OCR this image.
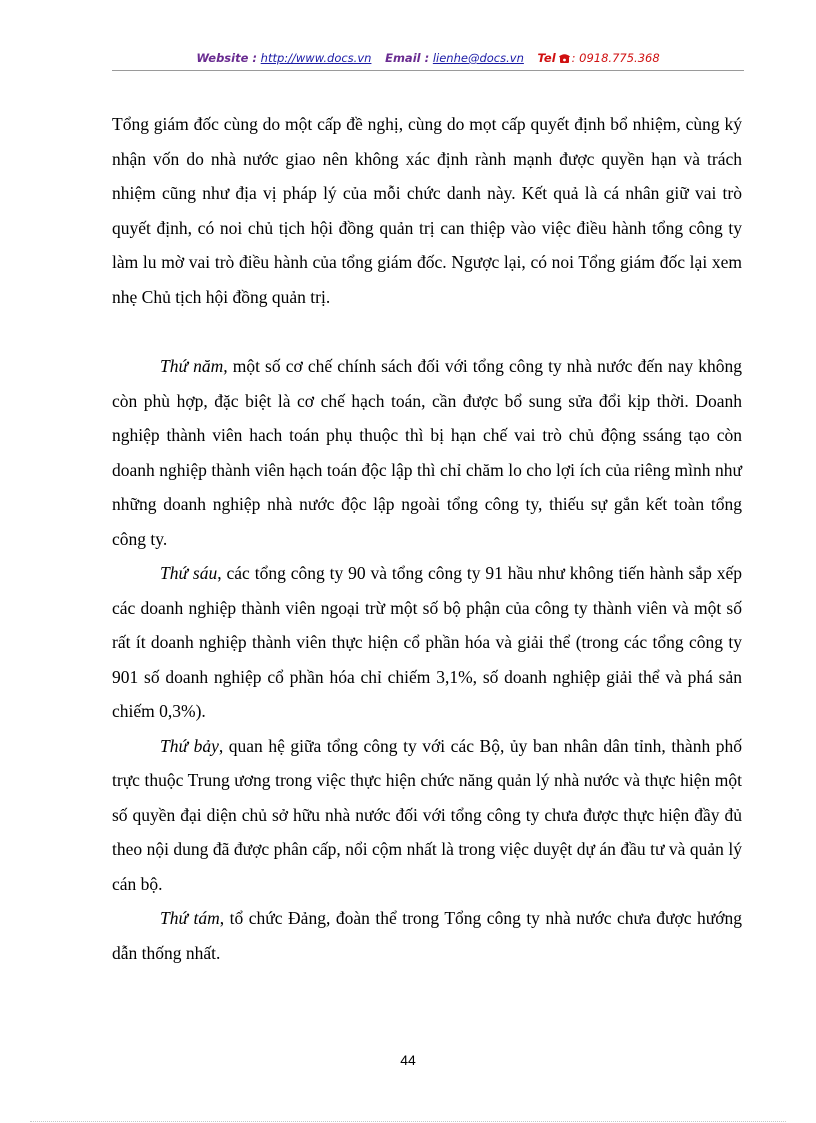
Website : http://www.docs.vn Email : lienhe@docs.vn Tel : 0918.775.368

Tổng giám đốc cùng do một cấp đề nghị, cùng do mọt cấp quyết định bổ nhiệm, cùng ký nhận vốn do nhà nước giao nên không xác định rành mạnh được quyền hạn và trách nhiệm cũng như địa vị pháp lý của mỗi chức danh này. Kết quả là cá nhân giữ vai trò quyết định, có noi chủ tịch hội đồng quản trị can thiệp vào việc điều hành tổng công ty làm lu mờ vai trò điều hành của tổng giám đốc. Ngược lại, có noi Tổng giám đốc lại xem nhẹ Chủ tịch hội đồng quản trị.

Thứ năm, một số cơ chế chính sách đối với tổng công ty nhà nước đến nay không còn phù hợp, đặc biệt là cơ chế hạch toán, cần được bổ sung sửa đổi kịp thời. Doanh nghiệp thành viên hach toán phụ thuộc thì bị hạn chế vai trò chủ động ssáng tạo còn doanh nghiệp thành viên hạch toán độc lập thì chỉ chăm lo cho lợi ích của riêng mình như những doanh nghiệp nhà nước độc lập ngoài tổng công ty, thiếu sự gắn kết toàn tổng công ty.

Thứ sáu, các tổng công ty 90 và tổng công ty 91 hầu như không tiến hành sắp xếp các doanh nghiệp thành viên ngoại trừ một số bộ phận của công ty thành viên và một số rất ít doanh nghiệp thành viên thực hiện cổ phần hóa và giải thể (trong các tổng công ty 901 số doanh nghiệp cổ phần hóa chỉ chiếm 3,1%, số doanh nghiệp giải thể và phá sản chiếm 0,3%).

Thứ bảy, quan hệ giữa tổng công ty với các Bộ, ủy ban nhân dân tỉnh, thành phố trực thuộc Trung ương trong việc thực hiện chức năng quản lý nhà nước và thực hiện một số quyền đại diện chủ sở hữu nhà nước đối với tổng công ty chưa được thực hiện đầy đủ theo nội dung đã được phân cấp, nổi cộm nhất là trong việc duyệt dự án đầu tư và quản lý cán bộ.

Thứ tám, tổ chức Đảng, đoàn thể trong Tổng công ty nhà nước chưa được hướng dẫn thống nhất.

44
